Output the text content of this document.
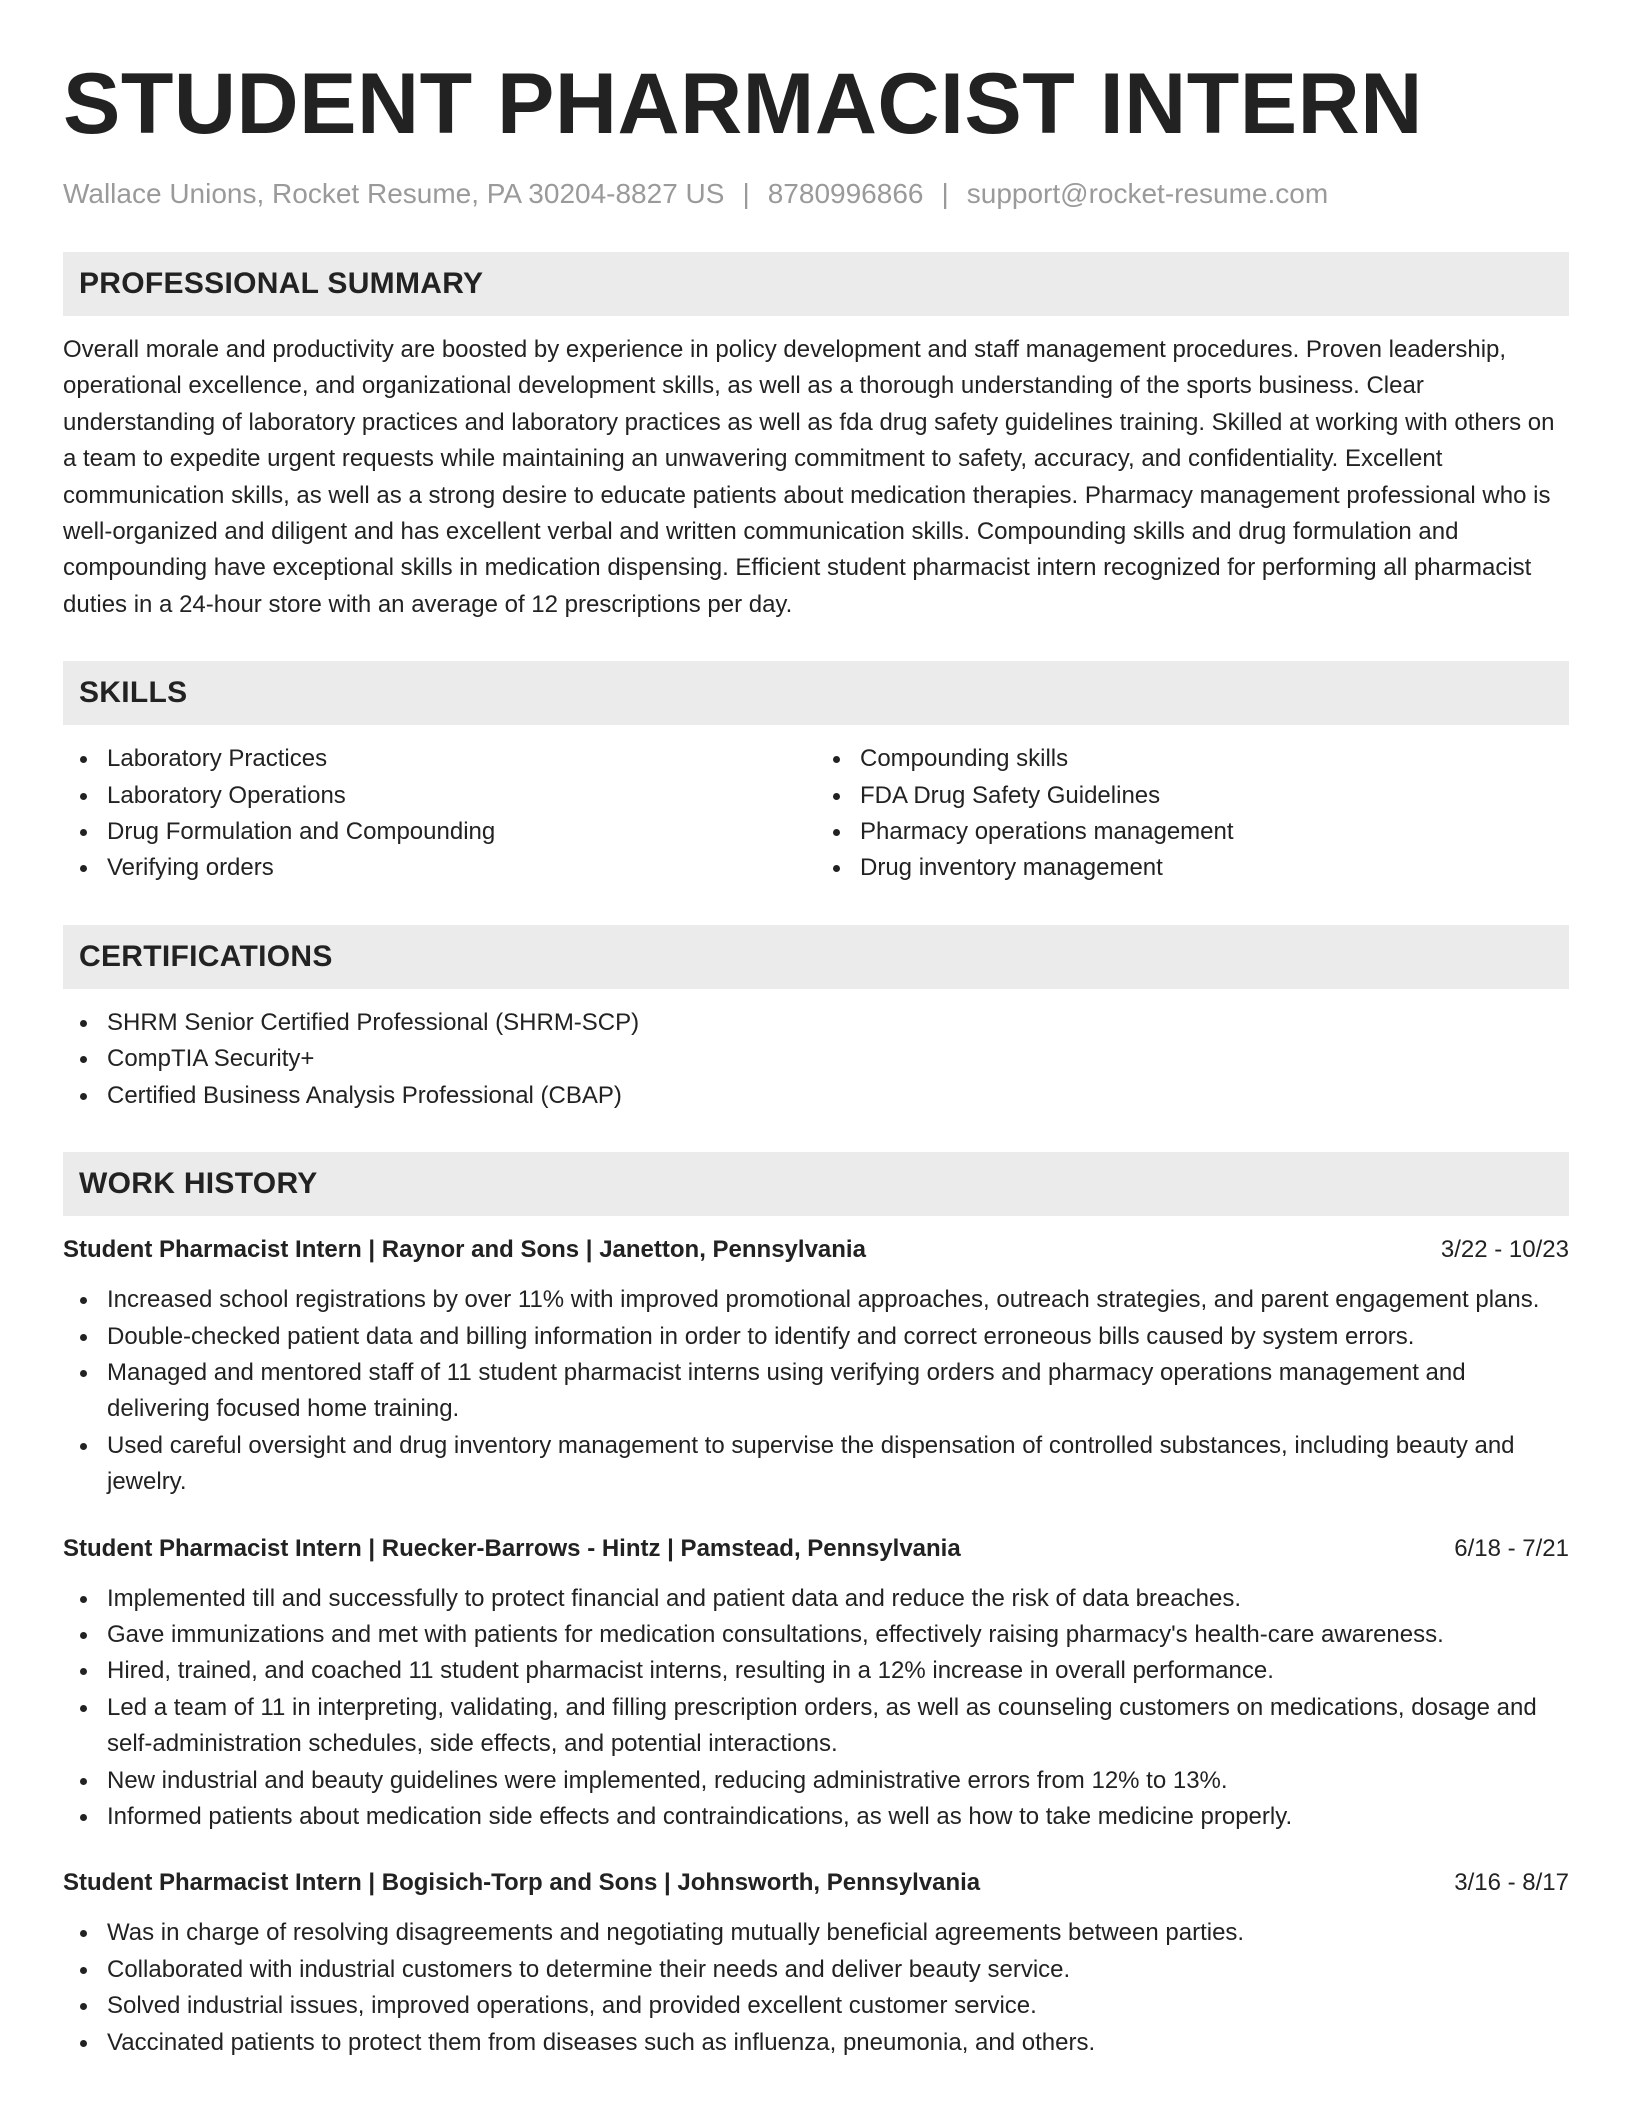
STUDENT PHARMACIST INTERN
Wallace Unions, Rocket Resume, PA 30204-8827 US | 8780996866 | support@rocket-resume.com
PROFESSIONAL SUMMARY
Overall morale and productivity are boosted by experience in policy development and staff management procedures. Proven leadership, operational excellence, and organizational development skills, as well as a thorough understanding of the sports business. Clear understanding of laboratory practices and laboratory practices as well as fda drug safety guidelines training. Skilled at working with others on a team to expedite urgent requests while maintaining an unwavering commitment to safety, accuracy, and confidentiality. Excellent communication skills, as well as a strong desire to educate patients about medication therapies. Pharmacy management professional who is well-organized and diligent and has excellent verbal and written communication skills. Compounding skills and drug formulation and compounding have exceptional skills in medication dispensing. Efficient student pharmacist intern recognized for performing all pharmacist duties in a 24-hour store with an average of 12 prescriptions per day.
SKILLS
Laboratory Practices
Laboratory Operations
Drug Formulation and Compounding
Verifying orders
Compounding skills
FDA Drug Safety Guidelines
Pharmacy operations management
Drug inventory management
CERTIFICATIONS
SHRM Senior Certified Professional (SHRM-SCP)
CompTIA Security+
Certified Business Analysis Professional (CBAP)
WORK HISTORY
Student Pharmacist Intern | Raynor and Sons | Janetton, Pennsylvania	3/22 - 10/23
Increased school registrations by over 11% with improved promotional approaches, outreach strategies, and parent engagement plans.
Double-checked patient data and billing information in order to identify and correct erroneous bills caused by system errors.
Managed and mentored staff of 11 student pharmacist interns using verifying orders and pharmacy operations management and delivering focused home training.
Used careful oversight and drug inventory management to supervise the dispensation of controlled substances, including beauty and jewelry.
Student Pharmacist Intern | Ruecker-Barrows - Hintz | Pamstead, Pennsylvania	6/18 - 7/21
Implemented till and successfully to protect financial and patient data and reduce the risk of data breaches.
Gave immunizations and met with patients for medication consultations, effectively raising pharmacy's health-care awareness.
Hired, trained, and coached 11 student pharmacist interns, resulting in a 12% increase in overall performance.
Led a team of 11 in interpreting, validating, and filling prescription orders, as well as counseling customers on medications, dosage and self-administration schedules, side effects, and potential interactions.
New industrial and beauty guidelines were implemented, reducing administrative errors from 12% to 13%.
Informed patients about medication side effects and contraindications, as well as how to take medicine properly.
Student Pharmacist Intern | Bogisich-Torp and Sons | Johnsworth, Pennsylvania	3/16 - 8/17
Was in charge of resolving disagreements and negotiating mutually beneficial agreements between parties.
Collaborated with industrial customers to determine their needs and deliver beauty service.
Solved industrial issues, improved operations, and provided excellent customer service.
Vaccinated patients to protect them from diseases such as influenza, pneumonia, and others.
